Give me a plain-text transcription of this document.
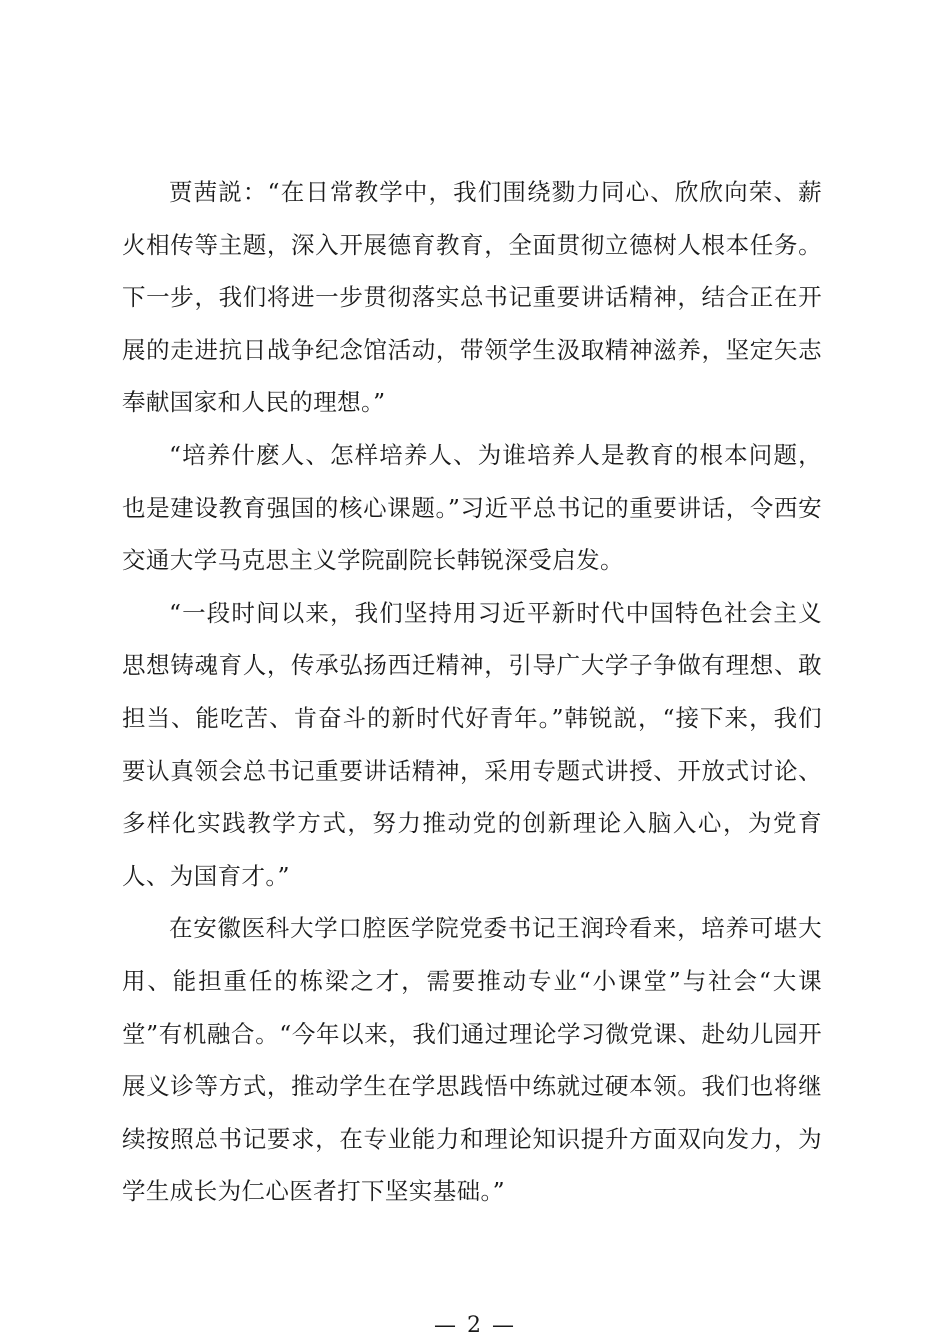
贾茜説：“在日常教学中，我们围绕勠力同心、欣欣向荣、薪火相传等主题，深入开展德育教育，全面贯彻立德树人根本任务。下一步，我们将进一步贯彻落实总书记重要讲话精神，结合正在开展的走进抗日战争纪念馆活动，带领学生汲取精神滋养，坚定矢志奉献国家和人民的理想。”

“培养什麽人、怎样培养人、为谁培养人是教育的根本问题，也是建设教育强国的核心课题。”习近平总书记的重要讲话，令西安交通大学马克思主义学院副院长韩锐深受启发。

“一段时间以来，我们坚持用习近平新时代中国特色社会主义思想铸魂育人，传承弘扬西迁精神，引导广大学子争做有理想、敢担当、能吃苦、肯奋斗的新时代好青年。”韩锐説，“接下来，我们要认真领会总书记重要讲话精神，采用专题式讲授、开放式讨论、多样化实践教学方式，努力推动党的创新理论入脑入心，为党育人、为国育才。”

在安徽医科大学口腔医学院党委书记王润玲看来，培养可堪大用、能担重任的栋梁之才，需要推动专业“小课堂”与社会“大课堂”有机融合。“今年以来，我们通过理论学习微党课、赴幼儿园开展义诊等方式，推动学生在学思践悟中练就过硬本领。我们也将继续按照总书记要求，在专业能力和理论知识提升方面双向发力，为学生成长为仁心医者打下坚实基础。”

— 2 —
